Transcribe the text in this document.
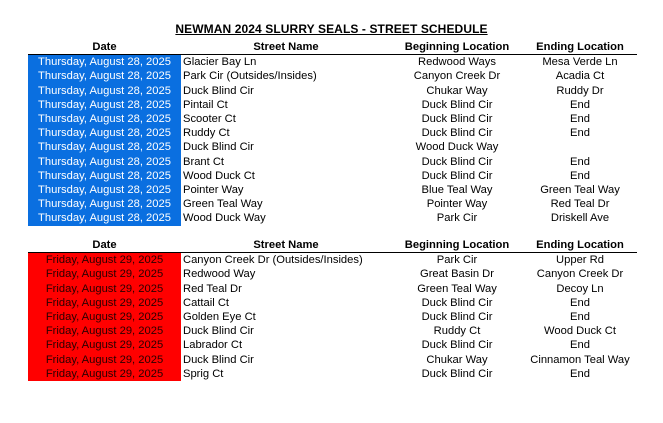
NEWMAN 2024 SLURRY SEALS - STREET SCHEDULE
Date	Street Name	Beginning Location	Ending Location
Thursday, August 28, 2025	Glacier Bay Ln	Redwood Ways	Mesa Verde Ln
Thursday, August 28, 2025	Park Cir (Outsides/Insides)	Canyon Creek Dr	Acadia Ct
Thursday, August 28, 2025	Duck Blind Cir	Chukar Way	Ruddy Dr
Thursday, August 28, 2025	Pintail Ct	Duck Blind Cir	End
Thursday, August 28, 2025	Scooter Ct	Duck Blind Cir	End
Thursday, August 28, 2025	Ruddy Ct	Duck Blind Cir	End
Thursday, August 28, 2025	Duck Blind Cir	Wood Duck Way	
Thursday, August 28, 2025	Brant Ct	Duck Blind Cir	End
Thursday, August 28, 2025	Wood Duck Ct	Duck Blind Cir	End
Thursday, August 28, 2025	Pointer Way	Blue Teal Way	Green Teal Way
Thursday, August 28, 2025	Green Teal Way	Pointer Way	Red Teal Dr
Thursday, August 28, 2025	Wood Duck Way	Park Cir	Driskell Ave
Date	Street Name	Beginning Location	Ending Location
Friday, August 29, 2025	Canyon Creek Dr (Outsides/Insides)	Park Cir	Upper Rd
Friday, August 29, 2025	Redwood Way	Great Basin Dr	Canyon Creek Dr
Friday, August 29, 2025	Red Teal Dr	Green Teal Way	Decoy Ln
Friday, August 29, 2025	Cattail Ct	Duck Blind Cir	End
Friday, August 29, 2025	Golden Eye Ct	Duck Blind Cir	End
Friday, August 29, 2025	Duck Blind Cir	Ruddy Ct	Wood Duck Ct
Friday, August 29, 2025	Labrador Ct	Duck Blind Cir	End
Friday, August 29, 2025	Duck Blind Cir	Chukar Way	Cinnamon Teal Way
Friday, August 29, 2025	Sprig Ct	Duck Blind Cir	End
